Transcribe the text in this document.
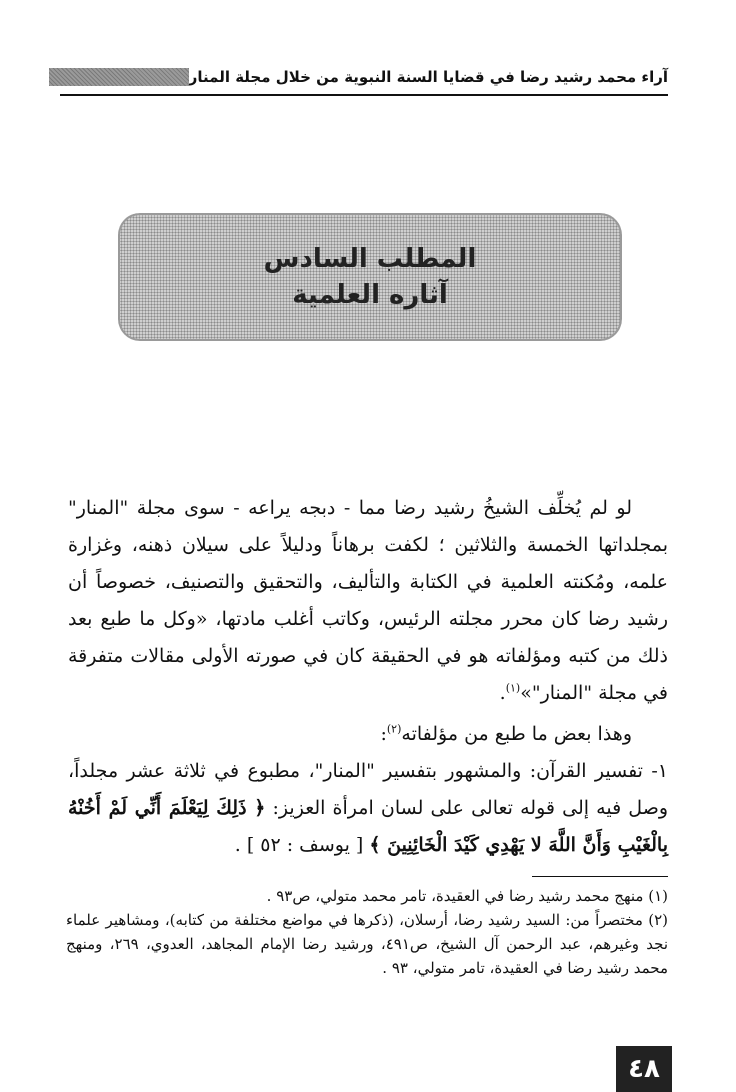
آراء محمد رشيد رضا في قضايا السنة النبوية من خلال مجلة المنار
المطلب السادس
آثاره العلمية

لو لم يُخلِّف الشيخُ رشيد رضا مما - دبجه يراعه - سوى مجلة "المنار" بمجلداتها الخمسة والثلاثين ؛ لكفت برهاناً ودليلاً على سيلان ذهنه، وغزارة علمه، ومُكنته العلمية في الكتابة والتأليف، والتحقيق والتصنيف، خصوصاً أن رشيد رضا كان محرر مجلته الرئيس، وكاتب أغلب مادتها، «وكل ما طبع بعد ذلك من كتبه ومؤلفاته هو في الحقيقة كان في صورته الأولى مقالات متفرقة في مجلة "المنار"»$^{(١)}$.

وهذا بعض ما طبع من مؤلفاته$^{(٢)}$:

١- تفسير القرآن: والمشهور بتفسير "المنار"، مطبوع في ثلاثة عشر مجلداً، وصل فيه إلى قوله تعالى على لسان امرأة العزيز: ﴿ ذَلِكَ لِيَعْلَمَ أَنِّي لَمْ أَخُنْهُ بِالْغَيْبِ وَأَنَّ اللَّهَ لا يَهْدِي كَيْدَ الْخَائِنِينَ ﴾ [ يوسف : ٥٢ ] .

(١) منهج محمد رشيد رضا في العقيدة، تامر محمد متولي، ص٩٣ .

(٢) مختصراً من: السيد رشيد رضا، أرسلان، (ذكرها في مواضع مختلفة من كتابه)، ومشاهير علماء نجد وغيرهم، عبد الرحمن آل الشيخ، ص٤٩١، ورشيد رضا الإمام المجاهد، العدوي، ٢٦٩، ومنهج محمد رشيد رضا في العقيدة، تامر متولي، ٩٣ .

٤٨
